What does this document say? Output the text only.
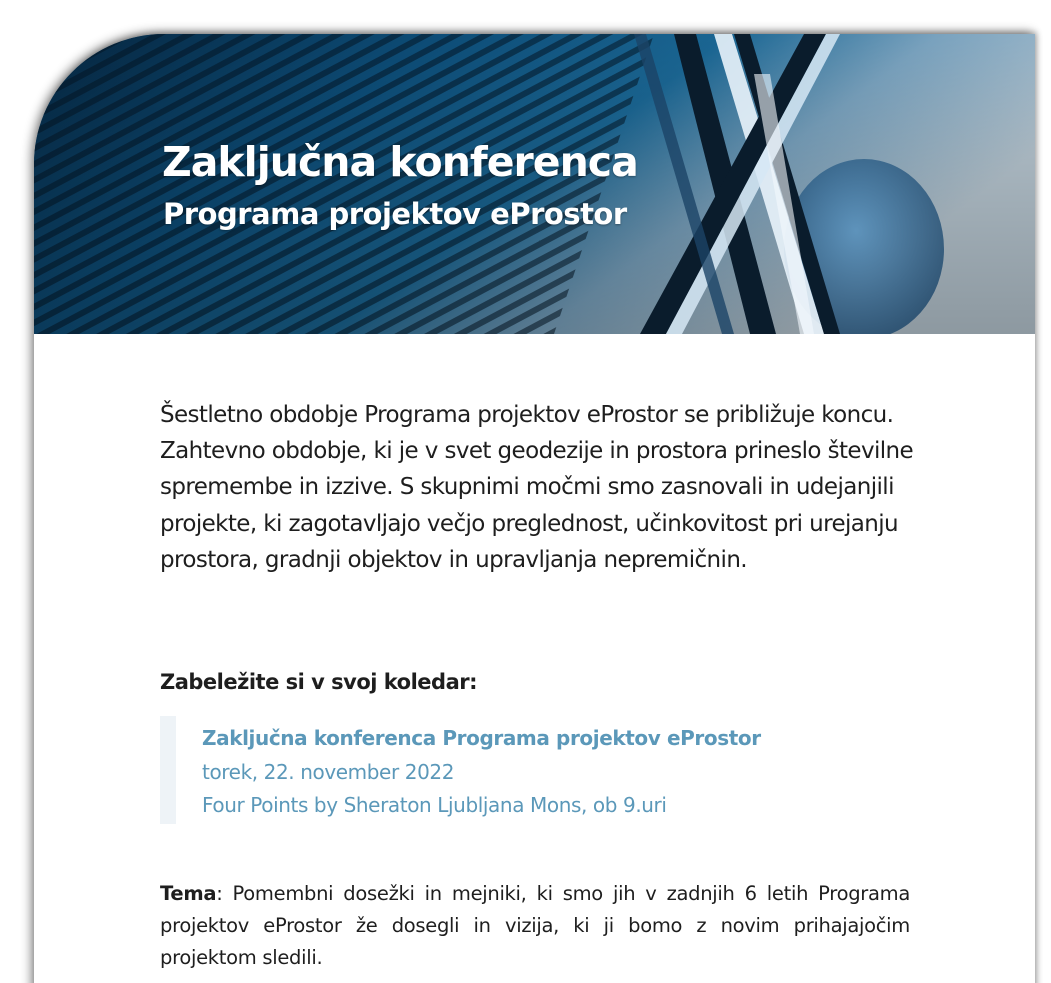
Zaključna konferenca
Programa projektov eProstor

Šestletno obdobje Programa projektov eProstor se približuje koncu. Zahtevno obdobje, ki je v svet geodezije in prostora prineslo številne spremembe in izzive. S skupnimi močmi smo zasnovali in udejanjili projekte, ki zagotavljajo večjo preglednost, učinkovitost pri urejanju prostora, gradnji objektov in upravljanja nepremičnin.

Zabeležite si v svoj koledar:

Zaključna konferenca Programa projektov eProstor

torek, 22. november 2022

Four Points by Sheraton Ljubljana Mons, ob 9.uri

Tema: Pomembni dosežki in mejniki, ki smo jih v zadnjih 6 letih Programa projektov eProstor že dosegli in vizija, ki ji bomo z novim prihajajočim projektom sledili.
